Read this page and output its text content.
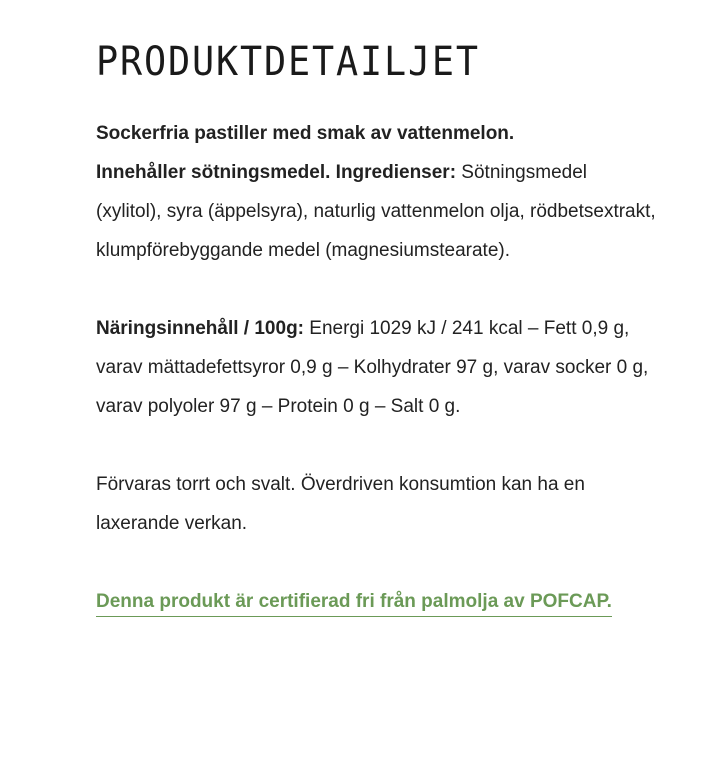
PRODUKTDETAILJET

Sockerfria pastiller med smak av vattenmelon.
Innehåller sötningsmedel. Ingredienser: Sötningsmedel (xylitol), syra (äppelsyra), naturlig vattenmelon olja, rödbetsextrakt, klumpförebyggande medel (magnesiumstearate).

Näringsinnehåll / 100g: Energi 1029 kJ / 241 kcal – Fett 0,9 g, varav mättadefettsyror 0,9 g – Kolhydrater 97 g, varav socker 0 g, varav polyoler 97 g – Protein 0 g – Salt 0 g.

Förvaras torrt och svalt. Överdriven konsumtion kan ha en laxerande verkan.

Denna produkt är certifierad fri från palmolja av POFCAP.
